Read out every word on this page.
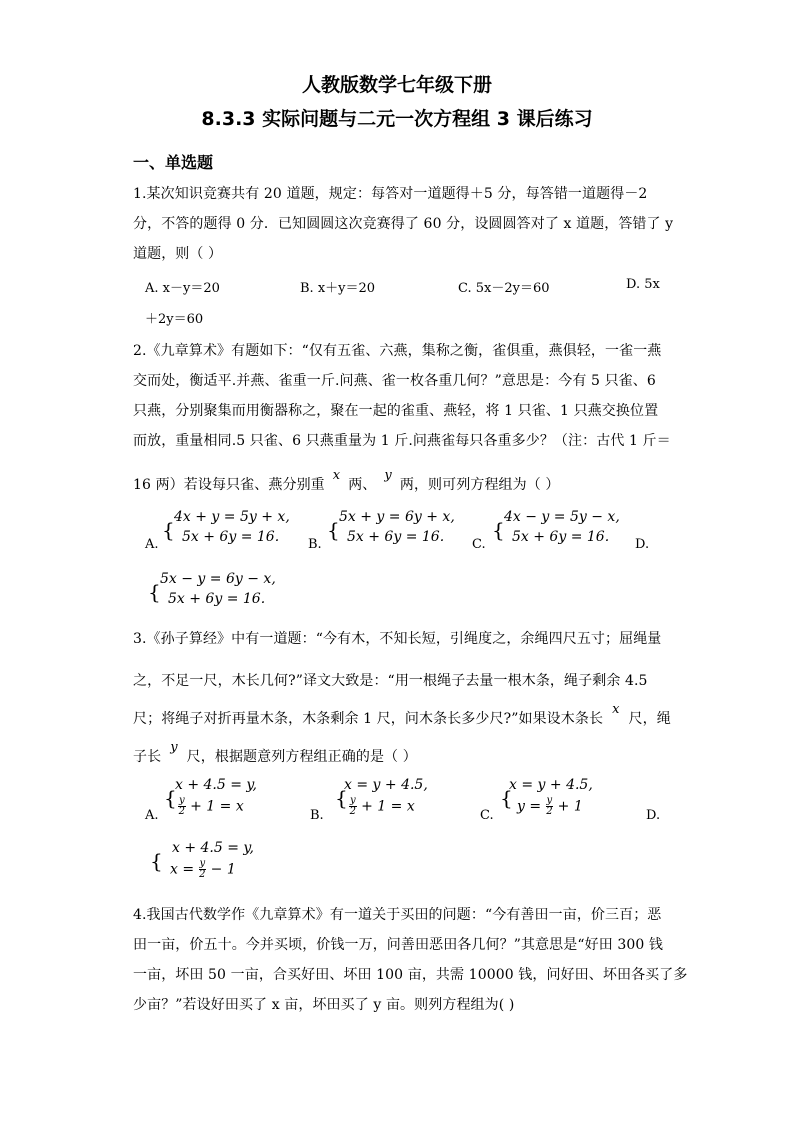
人教版数学七年级下册
8.3.3 实际问题与二元一次方程组 3 课后练习
一、单选题
1.某次知识竞赛共有 20 道题，规定：每答对一道题得＋5 分，每答错一道题得－2
分，不答的题得 0 分．已知圆圆这次竞赛得了 60 分，设圆圆答对了 x 道题，答错了 y
道题，则（ ）
A. x－y＝20	B. x＋y＝20	C. 5x－2y＝60	D. 5x
＋2y＝60
2.《九章算术》有题如下：“仅有五雀、六燕，集称之衡，雀俱重，燕俱轻，一雀一燕
交而处，衡适平.并燕、雀重一斤.问燕、雀一枚各重几何？”意思是：今有 5 只雀、6
只燕，分别聚集而用衡器称之，聚在一起的雀重、燕轻，将 1 只雀、1 只燕交换位置
而放，重量相同.5 只雀、6 只燕重量为 1 斤.问燕雀每只各重多少？（注：古代 1 斤＝
16 两）若设每只雀、燕分别重x两、y两，则可列方程组为（ ）
A.
{
4x + y = 5y + x,
5x + 6y = 16. B.
{
5x + y = 6y + x,
5x + 6y = 16. C.
{
4x − y = 5y − x,
5x + 6y = 16. D.
{
5x − y = 6y − x,
5x + 6y = 16.
3.《孙子算经》中有一道题：“今有木，不知长短，引绳度之，余绳四尺五寸；屈绳量
之，不足一尺，木长几何?”译文大致是：“用一根绳子去量一根木条，绳子剩余 4.5
尺；将绳子对折再量木条，木条剩余 1 尺，问木条长多少尺?”如果设木条长x尺，绳
子长y尺，根据题意列方程组正确的是（ ）
A.
{
x + 4.5 = y,
$\frac{y}{2} + 1 = x$
B.
{
x = y + 4.5,
$\frac{y}{2} + 1 = x$
C.
{
x = y + 4.5,
$y = \frac{y}{2} + 1$
D.
{
x + 4.5 = y,
$x = \frac{y}{2} - 1$
4.我国古代数学作《九章算术》有一道关于买田的问题：“今有善田一亩，价三百；恶
田一亩，价五十。今并买顷，价钱一万，问善田恶田各几何？”其意思是“好田 300 钱
一亩，坏田 50 一亩，合买好田、坏田 100 亩，共需 10000 钱，问好田、坏田各买了多
少亩？”若设好田买了 x 亩，坏田买了 y 亩。则列方程组为( )
